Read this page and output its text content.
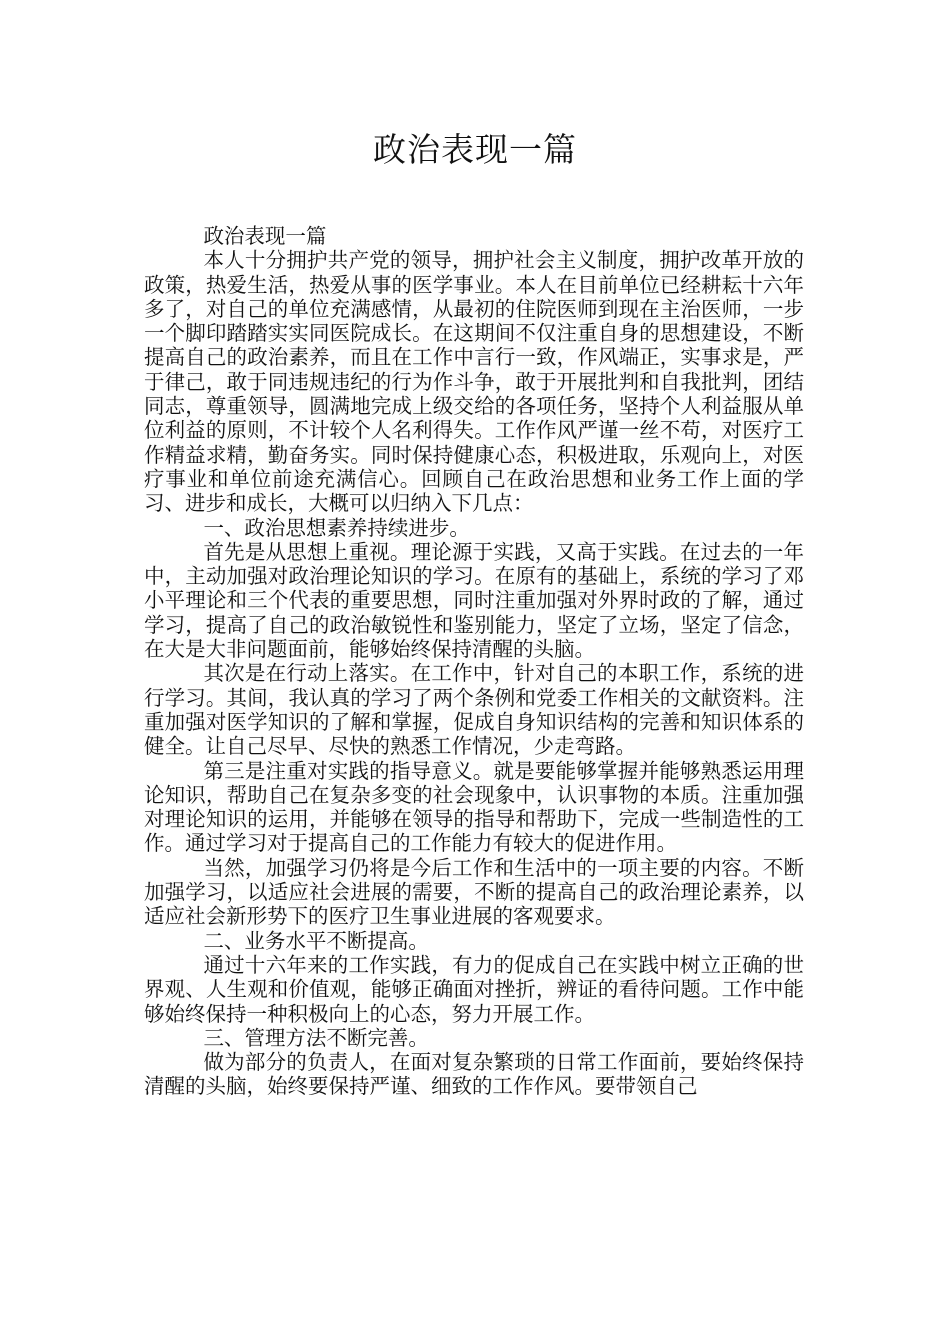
政治表现一篇

政治表现一篇

本人十分拥护共产党的领导，拥护社会主义制度，拥护改革开放的政策，热爱生活，热爱从事的医学事业。本人在目前单位已经耕耘十六年多了，对自己的单位充满感情，从最初的住院医师到现在主治医师，一步一个脚印踏踏实实同医院成长。在这期间不仅注重自身的思想建设，不断提高自己的政治素养，而且在工作中言行一致，作风端正，实事求是，严于律己，敢于同违规违纪的行为作斗争，敢于开展批判和自我批判，团结同志，尊重领导，圆满地完成上级交给的各项任务，坚持个人利益服从单位利益的原则，不计较个人名利得失。工作作风严谨一丝不苟，对医疗工作精益求精，勤奋务实。同时保持健康心态，积极进取，乐观向上，对医疗事业和单位前途充满信心。回顾自己在政治思想和业务工作上面的学习、进步和成长，大概可以归纳入下几点：

一、政治思想素养持续进步。

首先是从思想上重视。理论源于实践，又高于实践。在过去的一年中，主动加强对政治理论知识的学习。在原有的基础上，系统的学习了邓小平理论和三个代表的重要思想，同时注重加强对外界时政的了解，通过学习，提高了自己的政治敏锐性和鉴别能力，坚定了立场，坚定了信念，在大是大非问题面前，能够始终保持清醒的头脑。

其次是在行动上落实。在工作中，针对自己的本职工作，系统的进行学习。其间，我认真的学习了两个条例和党委工作相关的文献资料。注重加强对医学知识的了解和掌握，促成自身知识结构的完善和知识体系的健全。让自己尽早、尽快的熟悉工作情况，少走弯路。

第三是注重对实践的指导意义。就是要能够掌握并能够熟悉运用理论知识，帮助自己在复杂多变的社会现象中，认识事物的本质。注重加强对理论知识的运用，并能够在领导的指导和帮助下，完成一些制造性的工作。通过学习对于提高自己的工作能力有较大的促进作用。

当然，加强学习仍将是今后工作和生活中的一项主要的内容。不断加强学习，以适应社会进展的需要，不断的提高自己的政治理论素养，以适应社会新形势下的医疗卫生事业进展的客观要求。

二、业务水平不断提高。

通过十六年来的工作实践，有力的促成自己在实践中树立正确的世界观、人生观和价值观，能够正确面对挫折，辨证的看待问题。工作中能够始终保持一种积极向上的心态，努力开展工作。

三、管理方法不断完善。

做为部分的负责人，在面对复杂繁琐的日常工作面前，要始终保持清醒的头脑，始终要保持严谨、细致的工作作风。要带领自己
